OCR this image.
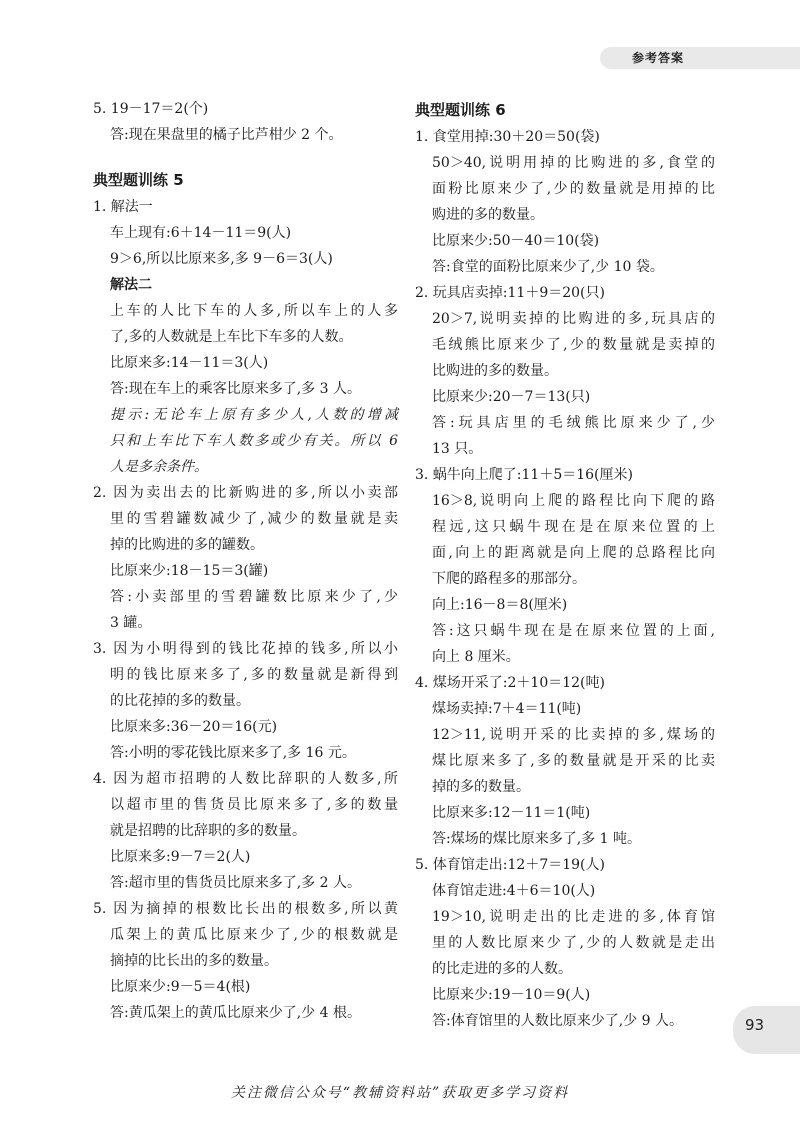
参考答案
5. 19－17＝2(个)
答:现在果盘里的橘子比芦柑少 2 个。
典型题训练 5
1. 解法一
车上现有:6＋14－11＝9(人)
9＞6,所以比原来多,多 9－6＝3(人)
解法二
上车的人比下车的人多,所以车上的人多
了,多的人数就是上车比下车多的人数。
比原来多:14－11＝3(人)
答:现在车上的乘客比原来多了,多 3 人。
提示:无论车上原有多少人,人数的增减
只和上车比下车人数多或少有关。所以 6
人是多余条件。
2. 因为卖出去的比新购进的多,所以小卖部
里的雪碧罐数减少了,减少的数量就是卖
掉的比购进的多的罐数。
比原来少:18－15＝3(罐)
答:小卖部里的雪碧罐数比原来少了,少
3 罐。
3. 因为小明得到的钱比花掉的钱多,所以小
明的钱比原来多了,多的数量就是新得到
的比花掉的多的数量。
比原来多:36－20＝16(元)
答:小明的零花钱比原来多了,多 16 元。
4. 因为超市招聘的人数比辞职的人数多,所
以超市里的售货员比原来多了,多的数量
就是招聘的比辞职的多的数量。
比原来多:9－7＝2(人)
答:超市里的售货员比原来多了,多 2 人。
5. 因为摘掉的根数比长出的根数多,所以黄
瓜架上的黄瓜比原来少了,少的根数就是
摘掉的比长出的多的数量。
比原来少:9－5＝4(根)
答:黄瓜架上的黄瓜比原来少了,少 4 根。
典型题训练 6
1. 食堂用掉:30＋20＝50(袋)
50＞40,说明用掉的比购进的多,食堂的
面粉比原来少了,少的数量就是用掉的比
购进的多的数量。
比原来少:50－40＝10(袋)
答:食堂的面粉比原来少了,少 10 袋。
2. 玩具店卖掉:11＋9＝20(只)
20＞7,说明卖掉的比购进的多,玩具店的
毛绒熊比原来少了,少的数量就是卖掉的
比购进的多的数量。
比原来少:20－7＝13(只)
答:玩具店里的毛绒熊比原来少了,少
13 只。
3. 蜗牛向上爬了:11＋5＝16(厘米)
16＞8,说明向上爬的路程比向下爬的路
程远,这只蜗牛现在是在原来位置的上
面,向上的距离就是向上爬的总路程比向
下爬的路程多的那部分。
向上:16－8＝8(厘米)
答:这只蜗牛现在是在原来位置的上面,
向上 8 厘米。
4. 煤场开采了:2＋10＝12(吨)
煤场卖掉:7＋4＝11(吨)
12＞11,说明开采的比卖掉的多,煤场的
煤比原来多了,多的数量就是开采的比卖
掉的多的数量。
比原来多:12－11＝1(吨)
答:煤场的煤比原来多了,多 1 吨。
5. 体育馆走出:12＋7＝19(人)
体育馆走进:4＋6＝10(人)
19＞10,说明走出的比走进的多,体育馆
里的人数比原来少了,少的人数就是走出
的比走进的多的人数。
比原来少:19－10＝9(人)
答:体育馆里的人数比原来少了,少 9 人。	93
关注微信公众号“教辅资料站”获取更多学习资料
